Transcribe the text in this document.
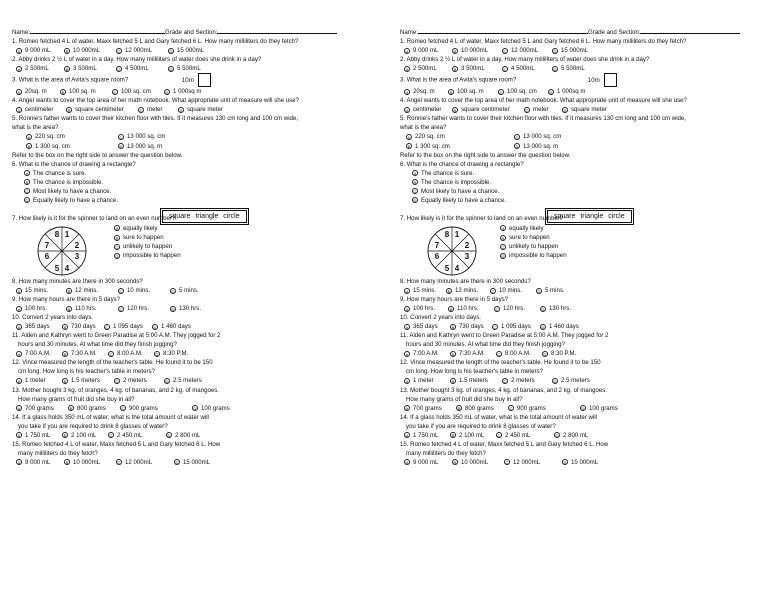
Name:	Grade and Section:
1. Romeo fetched 4 L of water, Maxx fetched 5 L and Gary fetched 6 L. How many milliliters do they fetch?
A 9 000 mL	B 10 000mL	C 12 000mL	D 15 000mL
2. Abby drinks 2 ½ L of water in a day. How many milliliters of water does she drink in a day?
A 2 500mL	B 3 500mL	C 4 500mL	D 5 500mL
3. What is the area of Avita's square room?	10m
A 20sq. m	B 100 sq. m	C 100 sq. cm	D 1 000sq m
4. Angel wants to cover the top area of her math notebook. What appropriate unit of measure will she use?
A centimeter	B square centimeter	C meter	D square meter
5. Ronnie's father wants to cover their kitchen floor with tiles. If it measures 130 cm long and 100 cm wide,
what is the area?
A 220 sq. cm	C 13 000 sq. cm
B 1 300 sq. cm	D 13 000 sq. m
Refer to the box on the right side to answer the question below.
6. What is the chance of drawing a rectangle?
A The chance is sure.
B The chance is impossible.
C Most likely to have a chance.
D Equally likely to have a chance.
7. How likely is it for the spinner to land on an even number?
8 1
2
3
4
5
6
7
A equally likely
B sure to happen
C unlikely to happen
D impossible to happen
8. How many minutes are there in 300 seconds?
A 15 mins.	B 12 mins.	C 10 mins.	D 5 mins.
9. How many hours are there in 5 days?
A 100 hrs.	B 110 hrs.	C 120 hrs.	D 130 hrs.
10. Convert 2 years into days.
A 365 days	B 730 days	C 1 095 days	D 1 460 days
11. Alden and Kathryn went to Green Paradise at 5:00 A.M. They jogged for 2
hours and 30 minutes. At what time did they finish jogging?
A 7:00 A.M.	B 7:30 A.M.	C 8:00 A.M.	D 8:30 P.M.
12. Vince measured the length of the teacher's table. He found it to be 150
cm long. How long is his teacher's table in meters?
A 1 meter	B 1.5 meters	C 2 meters	D 2.5 meters
13. Mother bought 3 kg. of oranges, 4 kg. of bananas, and 2 kg. of mangoes.
How many grams of fruit did she buy in all?
A 700 grams	B 800 grams	C 900 grams	D 100 grams
14. If a glass holds 350 mL of water, what is the total amount of water will
you take if you are required to drink 8 glasses of water?
A 1 750 mL	B 2 100 mL	C 2 450 mL	D 2 800 mL
15. Romeo fetched 4 L of water, Maxx fetched 5 L and Gary fetched 6 L. How
many milliliters do they fetch?
A 9 000 mL	B 10 000mL	C 12 000mL	D 15 000mL
square triangle circle
Name:	Grade and Section:
1. Romeo fetched 4 L of water, Maxx fetched 5 L and Gary fetched 6 L. How many milliliters do they fetch?
A 9 000 mL	B 10 000mL	C 12 000mL	D 15 000mL
2. Abby drinks 2 ½ L of water in a day. How many milliliters of water does she drink in a day?
A 2 500mL	B 3 500mL	C 4 500mL	D 5 500mL
3. What is the area of Avita's square room?	10m
A 20sq. m	B 100 sq. m	C 100 sq. cm	D 1 000sq m
4. Angel wants to cover the top area of her math notebook. What appropriate unit of measure will she use?
A centimeter	B square centimeter	C meter	D square meter
5. Ronnie's father wants to cover their kitchen floor with tiles. If it measures 130 cm long and 100 cm wide,
what is the area?
A 220 sq. cm	C 13 000 sq. cm
B 1 300 sq. cm	D 13 000 sq. m
Refer to the box on the right side to answer the question below.
6. What is the chance of drawing a rectangle?
A The chance is sure.
B The chance is impossible.
C Most likely to have a chance.
D Equally likely to have a chance.
7. How likely is it for the spinner to land on an even number?
8 1
2
3
4
5
6
7
A equally likely
B sure to happen
C unlikely to happen
D impossible to happen
8. How many minutes are there in 300 seconds?
A 15 mins.	B 12 mins.	C 10 mins.	D 5 mins.
9. How many hours are there in 5 days?
A 100 hrs.	B 110 hrs.	C 120 hrs.	D 130 hrs.
10. Convert 2 years into days.
A 365 days	B 730 days	C 1 095 days	D 1 460 days
11. Alden and Kathryn went to Green Paradise at 5:00 A.M. They jogged for 2
hours and 30 minutes. At what time did they finish jogging?
A 7:00 A.M.	B 7:30 A.M.	C 8:00 A.M.	D 8:30 P.M.
12. Vince measured the length of the teacher's table. He found it to be 150
cm long. How long is his teacher's table in meters?
A 1 meter	B 1.5 meters	C 2 meters	D 2.5 meters
13. Mother bought 3 kg. of oranges, 4 kg. of bananas, and 2 kg. of mangoes.
How many grams of fruit did she buy in all?
A 700 grams	B 800 grams	C 900 grams	D 100 grams
14. If a glass holds 350 mL of water, what is the total amount of water will
you take if you are required to drink 8 glasses of water?
A 1 750 mL	B 2 100 mL	C 2 450 mL	D 2 800 mL
15. Romeo fetched 4 L of water, Maxx fetched 5 L and Gary fetched 6 L. How
many milliliters do they fetch?
A 9 000 mL	B 10 000mL	C 12 000mL	D 15 000mL
square triangle circle
